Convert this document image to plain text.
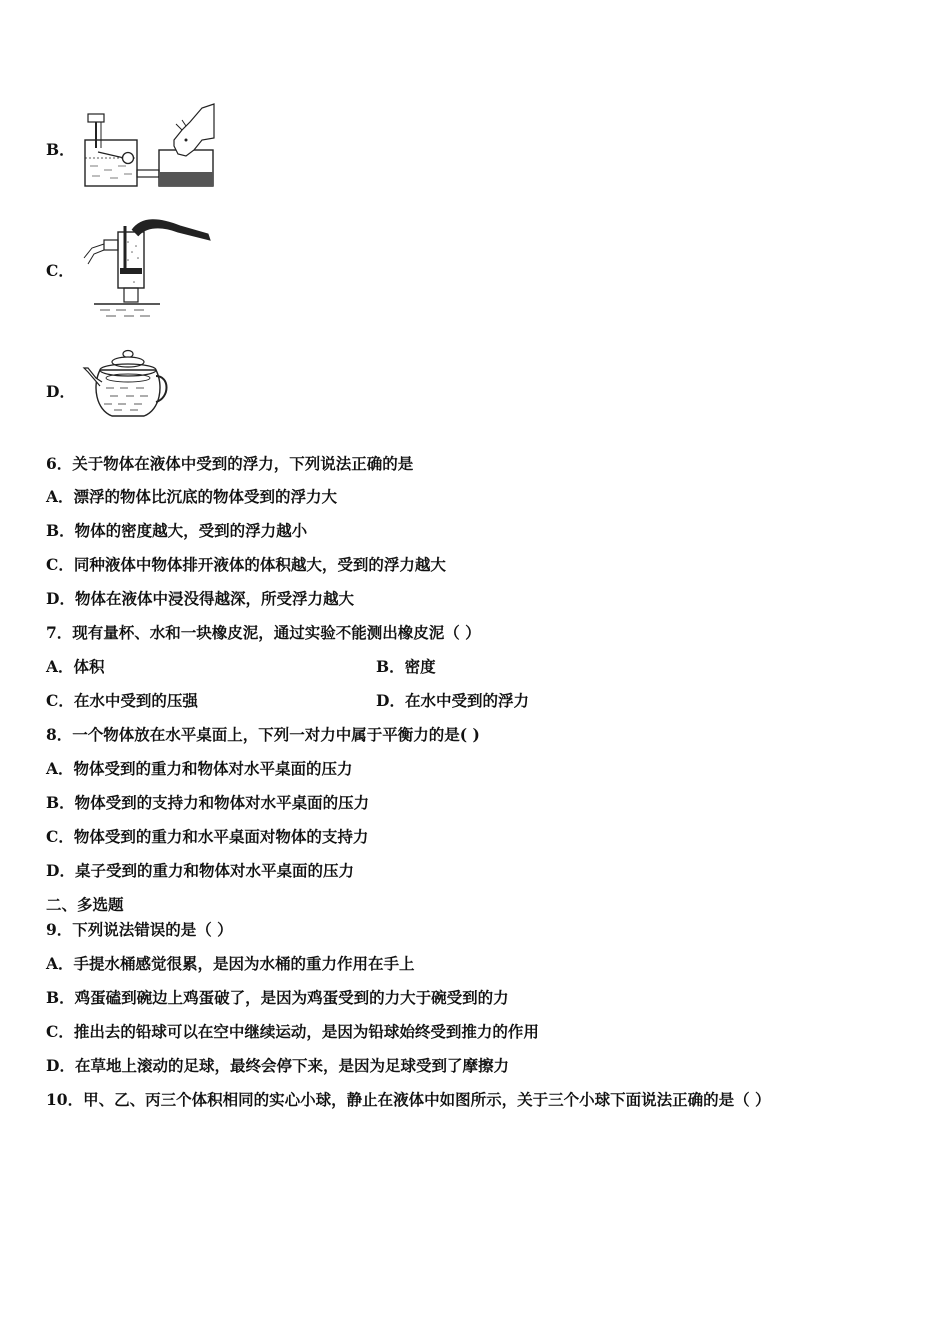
B．
C．
D．
6．关于物体在液体中受到的浮力，下列说法正确的是
A．漂浮的物体比沉底的物体受到的浮力大
B．物体的密度越大，受到的浮力越小
C．同种液体中物体排开液体的体积越大，受到的浮力越大
D．物体在液体中浸没得越深，所受浮力越大
7．现有量杯、水和一块橡皮泥，通过实验不能测出橡皮泥（ ）
A．体积	B．密度
C．在水中受到的压强	D．在水中受到的浮力
8．一个物体放在水平桌面上，下列一对力中属于平衡力的是( )
A．物体受到的重力和物体对水平桌面的压力
B．物体受到的支持力和物体对水平桌面的压力
C．物体受到的重力和水平桌面对物体的支持力
D．桌子受到的重力和物体对水平桌面的压力
二、多选题
9．下列说法错误的是（ ）
A．手提水桶感觉很累，是因为水桶的重力作用在手上
B．鸡蛋磕到碗边上鸡蛋破了，是因为鸡蛋受到的力大于碗受到的力
C．推出去的铅球可以在空中继续运动，是因为铅球始终受到推力的作用
D．在草地上滚动的足球，最终会停下来，是因为足球受到了摩擦力
10．甲、乙、丙三个体积相同的实心小球，静止在液体中如图所示，关于三个小球下面说法正确的是（ ）
